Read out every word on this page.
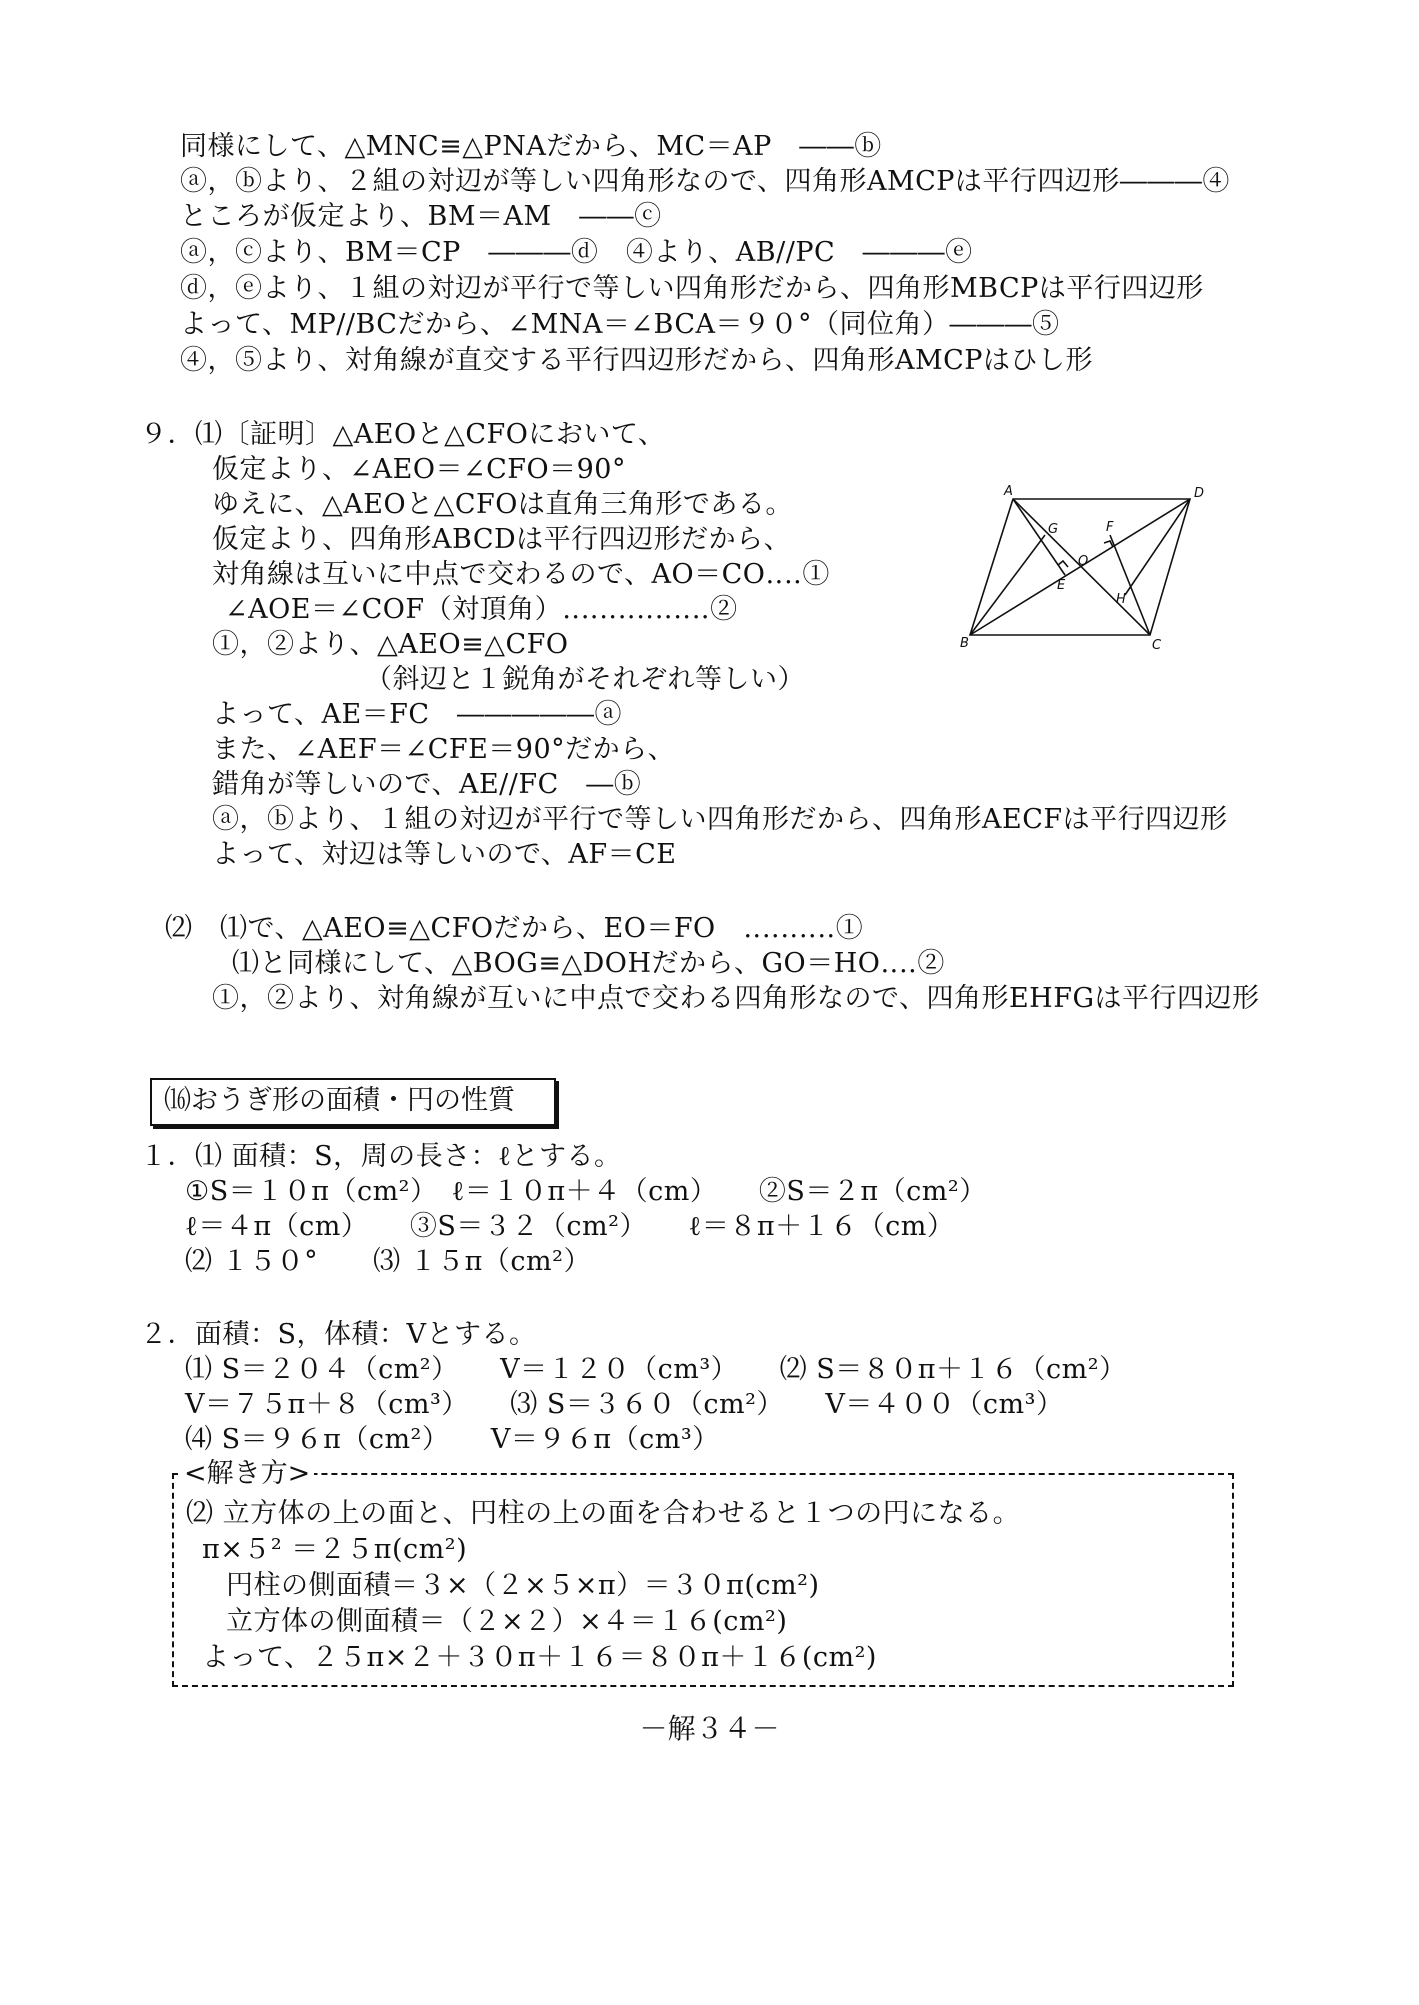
同様にして、△MNC≡△PNAだから、MC＝AP　――ⓑ
ⓐ，ⓑより、２組の対辺が等しい四角形なので、四角形AMCPは平行四辺形―――④
ところが仮定より、BM＝AM　――ⓒ
ⓐ，ⓒより、BM＝CP　―――ⓓ　④より、AB//PC　―――ⓔ
ⓓ，ⓔより、１組の対辺が平行で等しい四角形だから、四角形MBCPは平行四辺形
よって、MP//BCだから、∠MNA＝∠BCA＝９０°（同位角）―――⑤
④，⑤より、対角線が直交する平行四辺形だから、四角形AMCPはひし形
９．⑴〔証明〕△AEOと△CFOにおいて、
仮定より、∠AEO＝∠CFO＝90°
ゆえに、△AEOと△CFOは直角三角形である。
仮定より、四角形ABCDは平行四辺形だから、
対角線は互いに中点で交わるので、AO＝CO‥‥①
∠AOE＝∠COF（対頂角）‥‥‥‥‥‥‥‥②
①，②より、△AEO≡△CFO
（斜辺と１鋭角がそれぞれ等しい）
よって、AE＝FC　―――――ⓐ
また、∠AEF＝∠CFE＝90°だから、
錯角が等しいので、AE//FC　―ⓑ
ⓐ，ⓑより、１組の対辺が平行で等しい四角形だから、四角形AECFは平行四辺形
よって、対辺は等しいので、AF＝CE
A	D
B	C
E
F
G
H
O
⑵　⑴で、△AEO≡△CFOだから、EO＝FO　‥‥‥‥‥①
⑴と同様にして、△BOG≡△DOHだから、GO＝HO‥‥②
①，②より、対角線が互いに中点で交わる四角形なので、四角形EHFGは平行四辺形
⒃おうぎ形の面積・円の性質
１．⑴ 面積：S，周の長さ：ℓとする。
①S＝１０π（cm²）　ℓ＝１０π＋４（cm）　　②S＝２π（cm²）
ℓ＝４π（cm）　　③S＝３２（cm²）　　ℓ＝８π＋１６（cm）
⑵ １５０°　　⑶ １５π（cm²）
２．面積：S，体積：Vとする。
⑴ S＝２０４（cm²）　　V＝１２０（cm³）　　⑵ S＝８０π＋１６（cm²）
V＝７５π＋８（cm³）　　⑶ S＝３６０（cm²）　　V＝４００（cm³）
⑷ S＝９６π（cm²）　　V＝９６π（cm³）
<解き方>
⑵ 立方体の上の面と、円柱の上の面を合わせると１つの円になる。
π×５² ＝２５π(cm²)
円柱の側面積＝３×（２×５×π）＝３０π(cm²)
立方体の側面積＝（２×２）×４＝１６(cm²)
よって、２５π×２＋３０π＋１６＝８０π＋１６(cm²)
－解３４－
